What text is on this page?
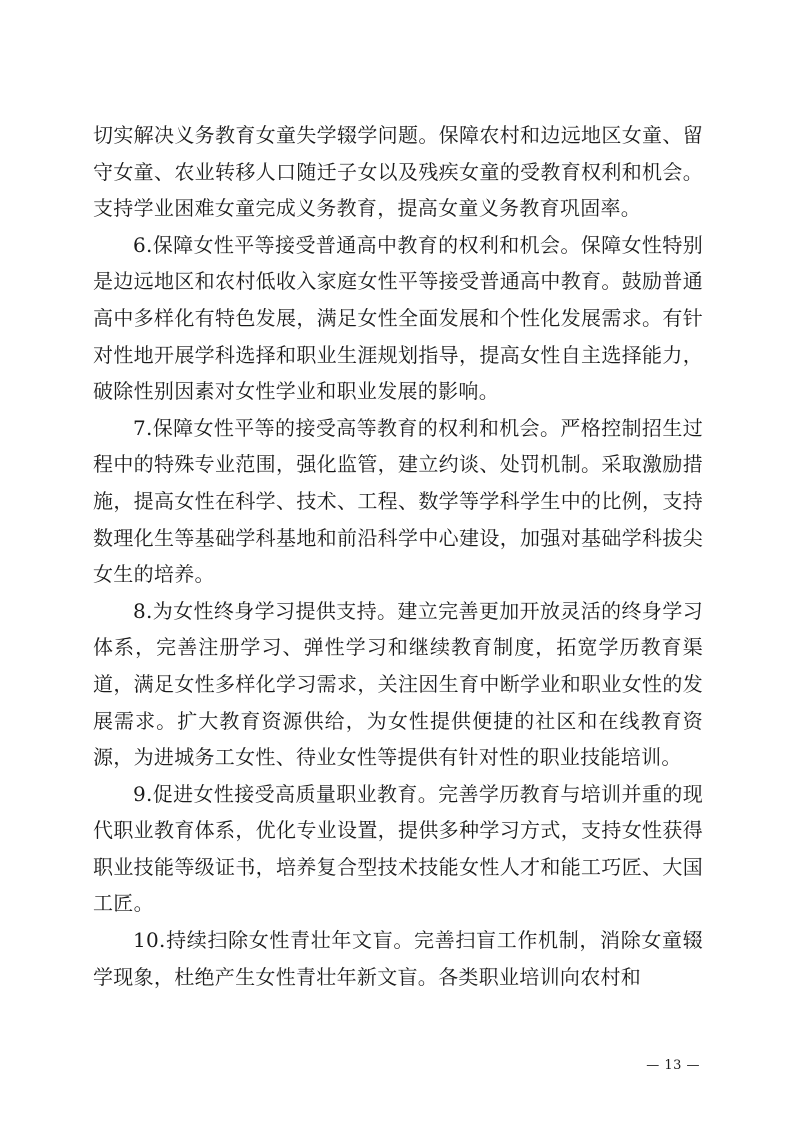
切实解决义务教育女童失学辍学问题。保障农村和边远地区女童、留守女童、农业转移人口随迁子女以及残疾女童的受教育权利和机会。支持学业困难女童完成义务教育，提高女童义务教育巩固率。

6.保障女性平等接受普通高中教育的权利和机会。保障女性特别是边远地区和农村低收入家庭女性平等接受普通高中教育。鼓励普通高中多样化有特色发展，满足女性全面发展和个性化发展需求。有针对性地开展学科选择和职业生涯规划指导，提高女性自主选择能力，破除性别因素对女性学业和职业发展的影响。

7.保障女性平等的接受高等教育的权利和机会。严格控制招生过程中的特殊专业范围，强化监管，建立约谈、处罚机制。采取激励措施，提高女性在科学、技术、工程、数学等学科学生中的比例，支持数理化生等基础学科基地和前沿科学中心建设，加强对基础学科拔尖女生的培养。

8.为女性终身学习提供支持。建立完善更加开放灵活的终身学习体系，完善注册学习、弹性学习和继续教育制度，拓宽学历教育渠道，满足女性多样化学习需求，关注因生育中断学业和职业女性的发展需求。扩大教育资源供给，为女性提供便捷的社区和在线教育资源，为进城务工女性、待业女性等提供有针对性的职业技能培训。

9.促进女性接受高质量职业教育。完善学历教育与培训并重的现代职业教育体系，优化专业设置，提供多种学习方式，支持女性获得职业技能等级证书，培养复合型技术技能女性人才和能工巧匠、大国工匠。

10.持续扫除女性青壮年文盲。完善扫盲工作机制，消除女童辍学现象，杜绝产生女性青壮年新文盲。各类职业培训向农村和

— 13 —
